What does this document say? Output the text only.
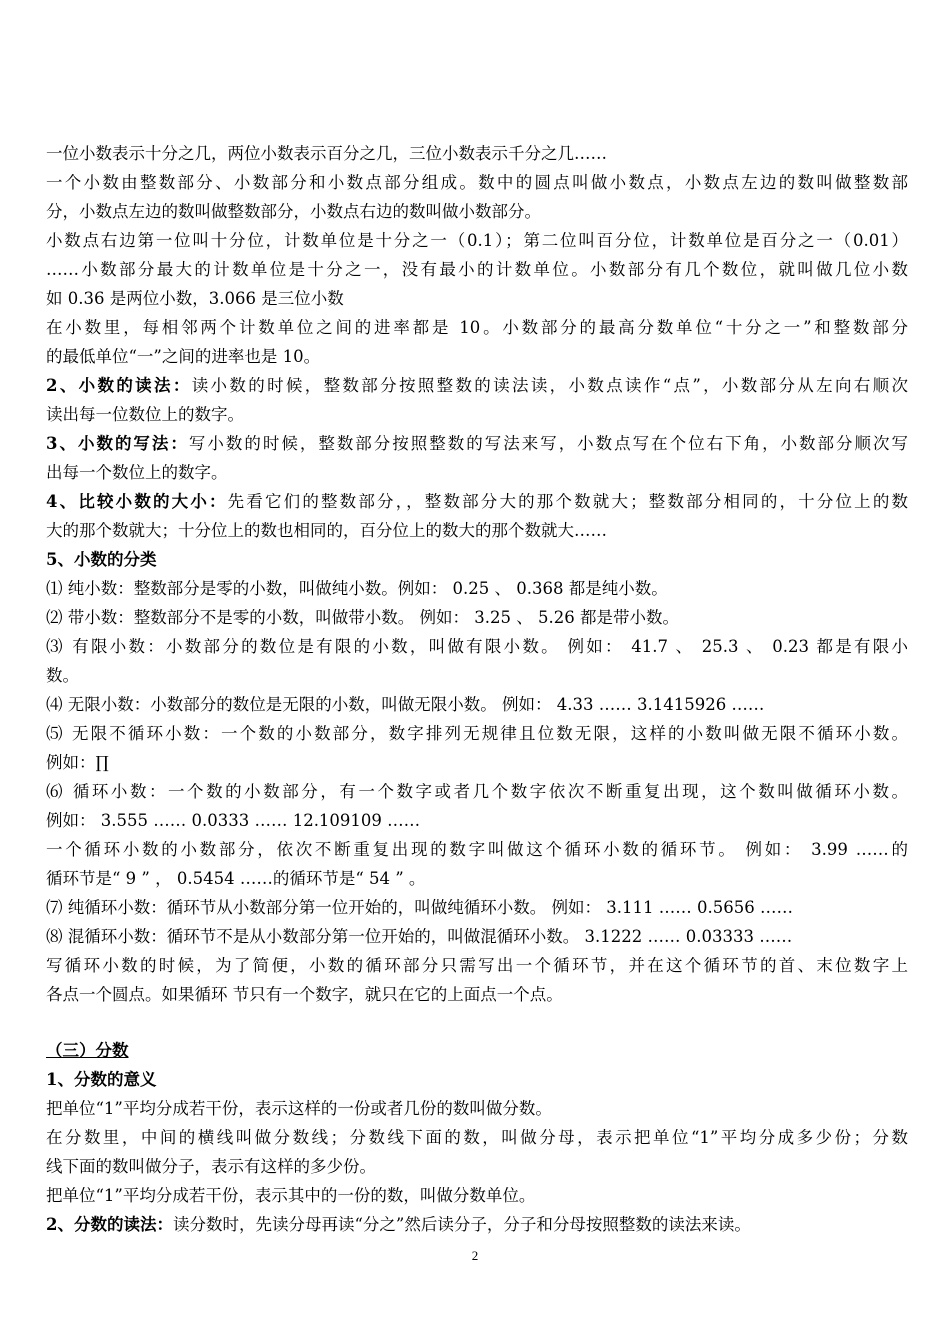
一位小数表示十分之几，两位小数表示百分之几，三位小数表示千分之几……
一个小数由整数部分、小数部分和小数点部分组成。数中的圆点叫做小数点，小数点左边的数叫做整数部
分，小数点左边的数叫做整数部分，小数点右边的数叫做小数部分。
小数点右边第一位叫十分位，计数单位是十分之一（0.1）；第二位叫百分位，计数单位是百分之一（0.01）
……小数部分最大的计数单位是十分之一，没有最小的计数单位。小数部分有几个数位，就叫做几位小数
如 0.36 是两位小数，3.066 是三位小数
在小数里，每相邻两个计数单位之间的进率都是 10。小数部分的最高分数单位“十分之一”和整数部分
的最低单位“一”之间的进率也是 10。
2、小数的读法：读小数的时候，整数部分按照整数的读法读，小数点读作“点”，小数部分从左向右顺次
读出每一位数位上的数字。
3、小数的写法：写小数的时候，整数部分按照整数的写法来写，小数点写在个位右下角，小数部分顺次写
出每一个数位上的数字。
4、比较小数的大小：先看它们的整数部分，，整数部分大的那个数就大；整数部分相同的，十分位上的数
大的那个数就大；十分位上的数也相同的，百分位上的数大的那个数就大……
5、小数的分类
⑴ 纯小数：整数部分是零的小数，叫做纯小数。例如： 0.25 、 0.368 都是纯小数。
⑵ 带小数：整数部分不是零的小数，叫做带小数。 例如： 3.25 、 5.26 都是带小数。
⑶ 有限小数：小数部分的数位是有限的小数，叫做有限小数。 例如： 41.7 、 25.3 、 0.23 都是有限小
数。
⑷ 无限小数：小数部分的数位是无限的小数，叫做无限小数。 例如： 4.33 …… 3.1415926 ……
⑸ 无限不循环小数：一个数的小数部分，数字排列无规律且位数无限，这样的小数叫做无限不循环小数。
例如：∏
⑹ 循环小数：一个数的小数部分，有一个数字或者几个数字依次不断重复出现，这个数叫做循环小数。
例如： 3.555 …… 0.0333 …… 12.109109 ……
一个循环小数的小数部分，依次不断重复出现的数字叫做这个循环小数的循环节。 例如： 3.99 ……的
循环节是“ 9 ” ， 0.5454 ……的循环节是“ 54 ” 。
⑺ 纯循环小数：循环节从小数部分第一位开始的，叫做纯循环小数。 例如： 3.111 …… 0.5656 ……
⑻ 混循环小数：循环节不是从小数部分第一位开始的，叫做混循环小数。 3.1222 …… 0.03333 ……
写循环小数的时候，为了简便，小数的循环部分只需写出一个循环节，并在这个循环节的首、末位数字上
各点一个圆点。如果循环 节只有一个数字，就只在它的上面点一个点。
（三）分数
1、分数的意义
把单位“1”平均分成若干份，表示这样的一份或者几份的数叫做分数。
在分数里，中间的横线叫做分数线；分数线下面的数，叫做分母，表示把单位“1”平均分成多少份；分数
线下面的数叫做分子，表示有这样的多少份。
把单位“1”平均分成若干份，表示其中的一份的数，叫做分数单位。
2、分数的读法：读分数时，先读分母再读“分之”然后读分子，分子和分母按照整数的读法来读。
2
